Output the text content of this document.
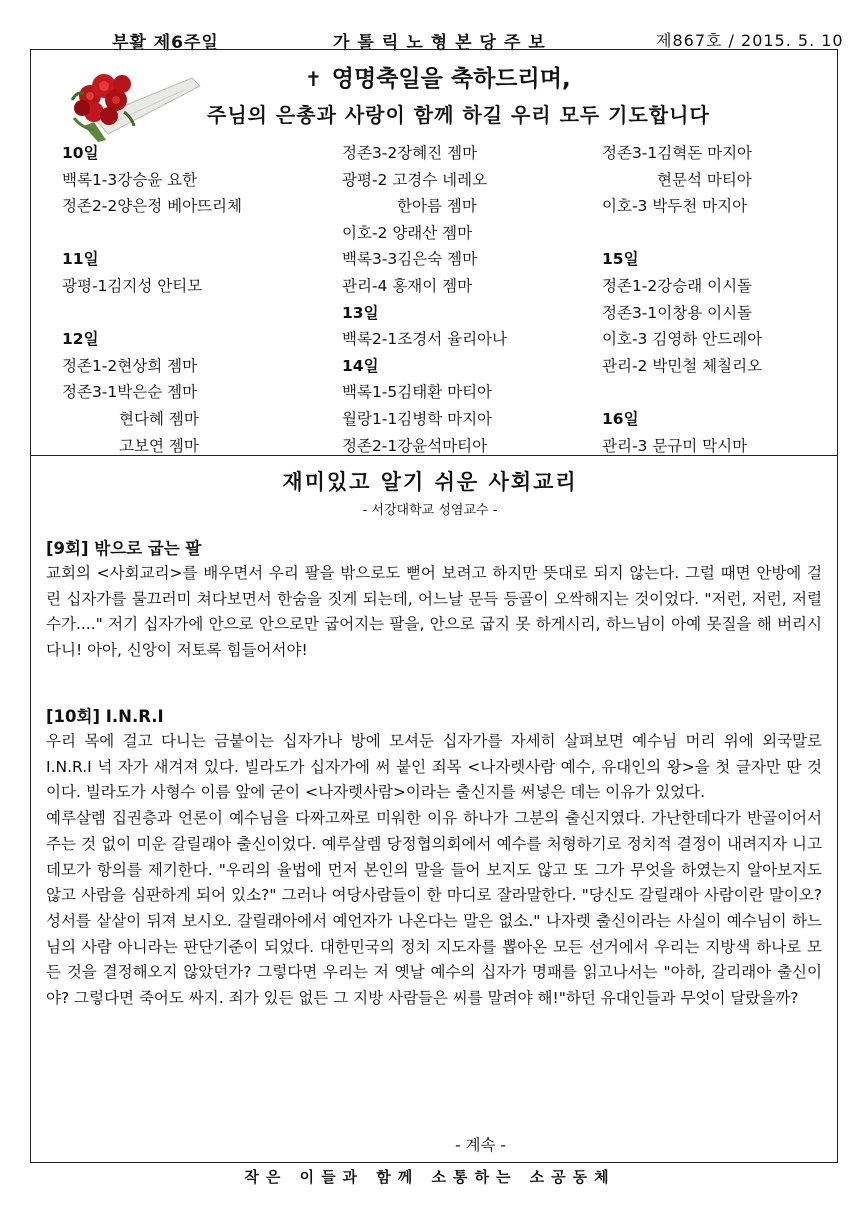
부활 제6주일	가톨릭노형본당주보	제867호 / 2015. 5. 10
✝ 영명축일을 축하드리며,
주님의 은총과 사랑이 함께 하길 우리 모두 기도합니다
10일
백록1-3강승윤 요한
정존2-2양은정 베아뜨리체
11일
광평-1김지성 안티모
12일
정존1-2현상희 젬마
정존3-1박은순 젬마
현다혜 젬마
고보연 젬마
정존3-2장혜진 젬마
광평-2 고경수 네레오
한아름 젬마
이호-2 양래산 젬마
백록3-3김은숙 젬마
관리-4 홍재이 젬마
13일
백록2-1조경서 율리아나
14일
백록1-5김태환 마티아
월랑1-1김병학 마지아
정존2-1강윤석마티아
정존3-1김혁돈 마지아
현문석 마티아
이호-3 박두천 마지아
15일
정존1-2강승래 이시돌
정존3-1이창용 이시돌
이호-3 김영하 안드레아
관리-2 박민철 체칠리오
16일
관리-3 문규미 막시마
재미있고 알기 쉬운 사회교리
- 서강대학교 성염교수 -
[9회] 밖으로 굽는 팔
교회의 <사회교리>를 배우면서 우리 팔을 밖으로도 뻗어 보려고 하지만 뜻대로 되지 않는다. 그럴 때면 안방에 걸린 십자가를 물끄러미 쳐다보면서 한숨을 짓게 되는데, 어느날 문득 등골이 오싹해지는 것이었다. "저런, 저런, 저럴 수가...." 저기 십자가에 안으로 안으로만 굽어지는 팔을, 안으로 굽지 못 하게시리, 하느님이 아예 못질을 해 버리시다니! 아아, 신앙이 저토록 힘들어서야!
[10회] I.N.R.I
우리 목에 걸고 다니는 금붙이는 십자가나 방에 모셔둔 십자가를 자세히 살펴보면 예수님 머리 위에 외국말로 I.N.R.I 넉 자가 새겨져 있다. 빌라도가 십자가에 써 붙인 죄목 <나자렛사람 예수, 유대인의 왕>을 첫 글자만 딴 것이다. 빌라도가 사형수 이름 앞에 굳이 <나자렛사람>이라는 출신지를 써넣은 데는 이유가 있었다.
예루살렘 집권층과 언론이 예수님을 다짜고짜로 미워한 이유 하나가 그분의 출신지였다. 가난한데다가 반골이어서 주는 것 없이 미운 갈릴래아 출신이었다. 예루살렘 당정협의회에서 예수를 처형하기로 정치적 결정이 내려지자 니고데모가 항의를 제기한다. "우리의 율법에 먼저 본인의 말을 들어 보지도 않고 또 그가 무엇을 하였는지 알아보지도 않고 사람을 심판하게 되어 있소?" 그러나 여당사람들이 한 마디로 잘라말한다. "당신도 갈릴래아 사람이란 말이오? 성서를 샅샅이 뒤져 보시오. 갈릴래아에서 예언자가 나온다는 말은 없소." 나자렛 출신이라는 사실이 예수님이 하느님의 사람 아니라는 판단기준이 되었다. 대한민국의 정치 지도자를 뽑아온 모든 선거에서 우리는 지방색 하나로 모든 것을 결정해오지 않았던가? 그렇다면 우리는 저 옛날 예수의 십자가 명패를 읽고나서는 "아하, 갈리래아 출신이야? 그렇다면 죽어도 싸지. 죄가 있든 없든 그 지방 사람들은 씨를 말려야 해!"하던 유대인들과 무엇이 달랐을까?
- 계속 -
작은 이들과 함께 소통하는 소공동체
